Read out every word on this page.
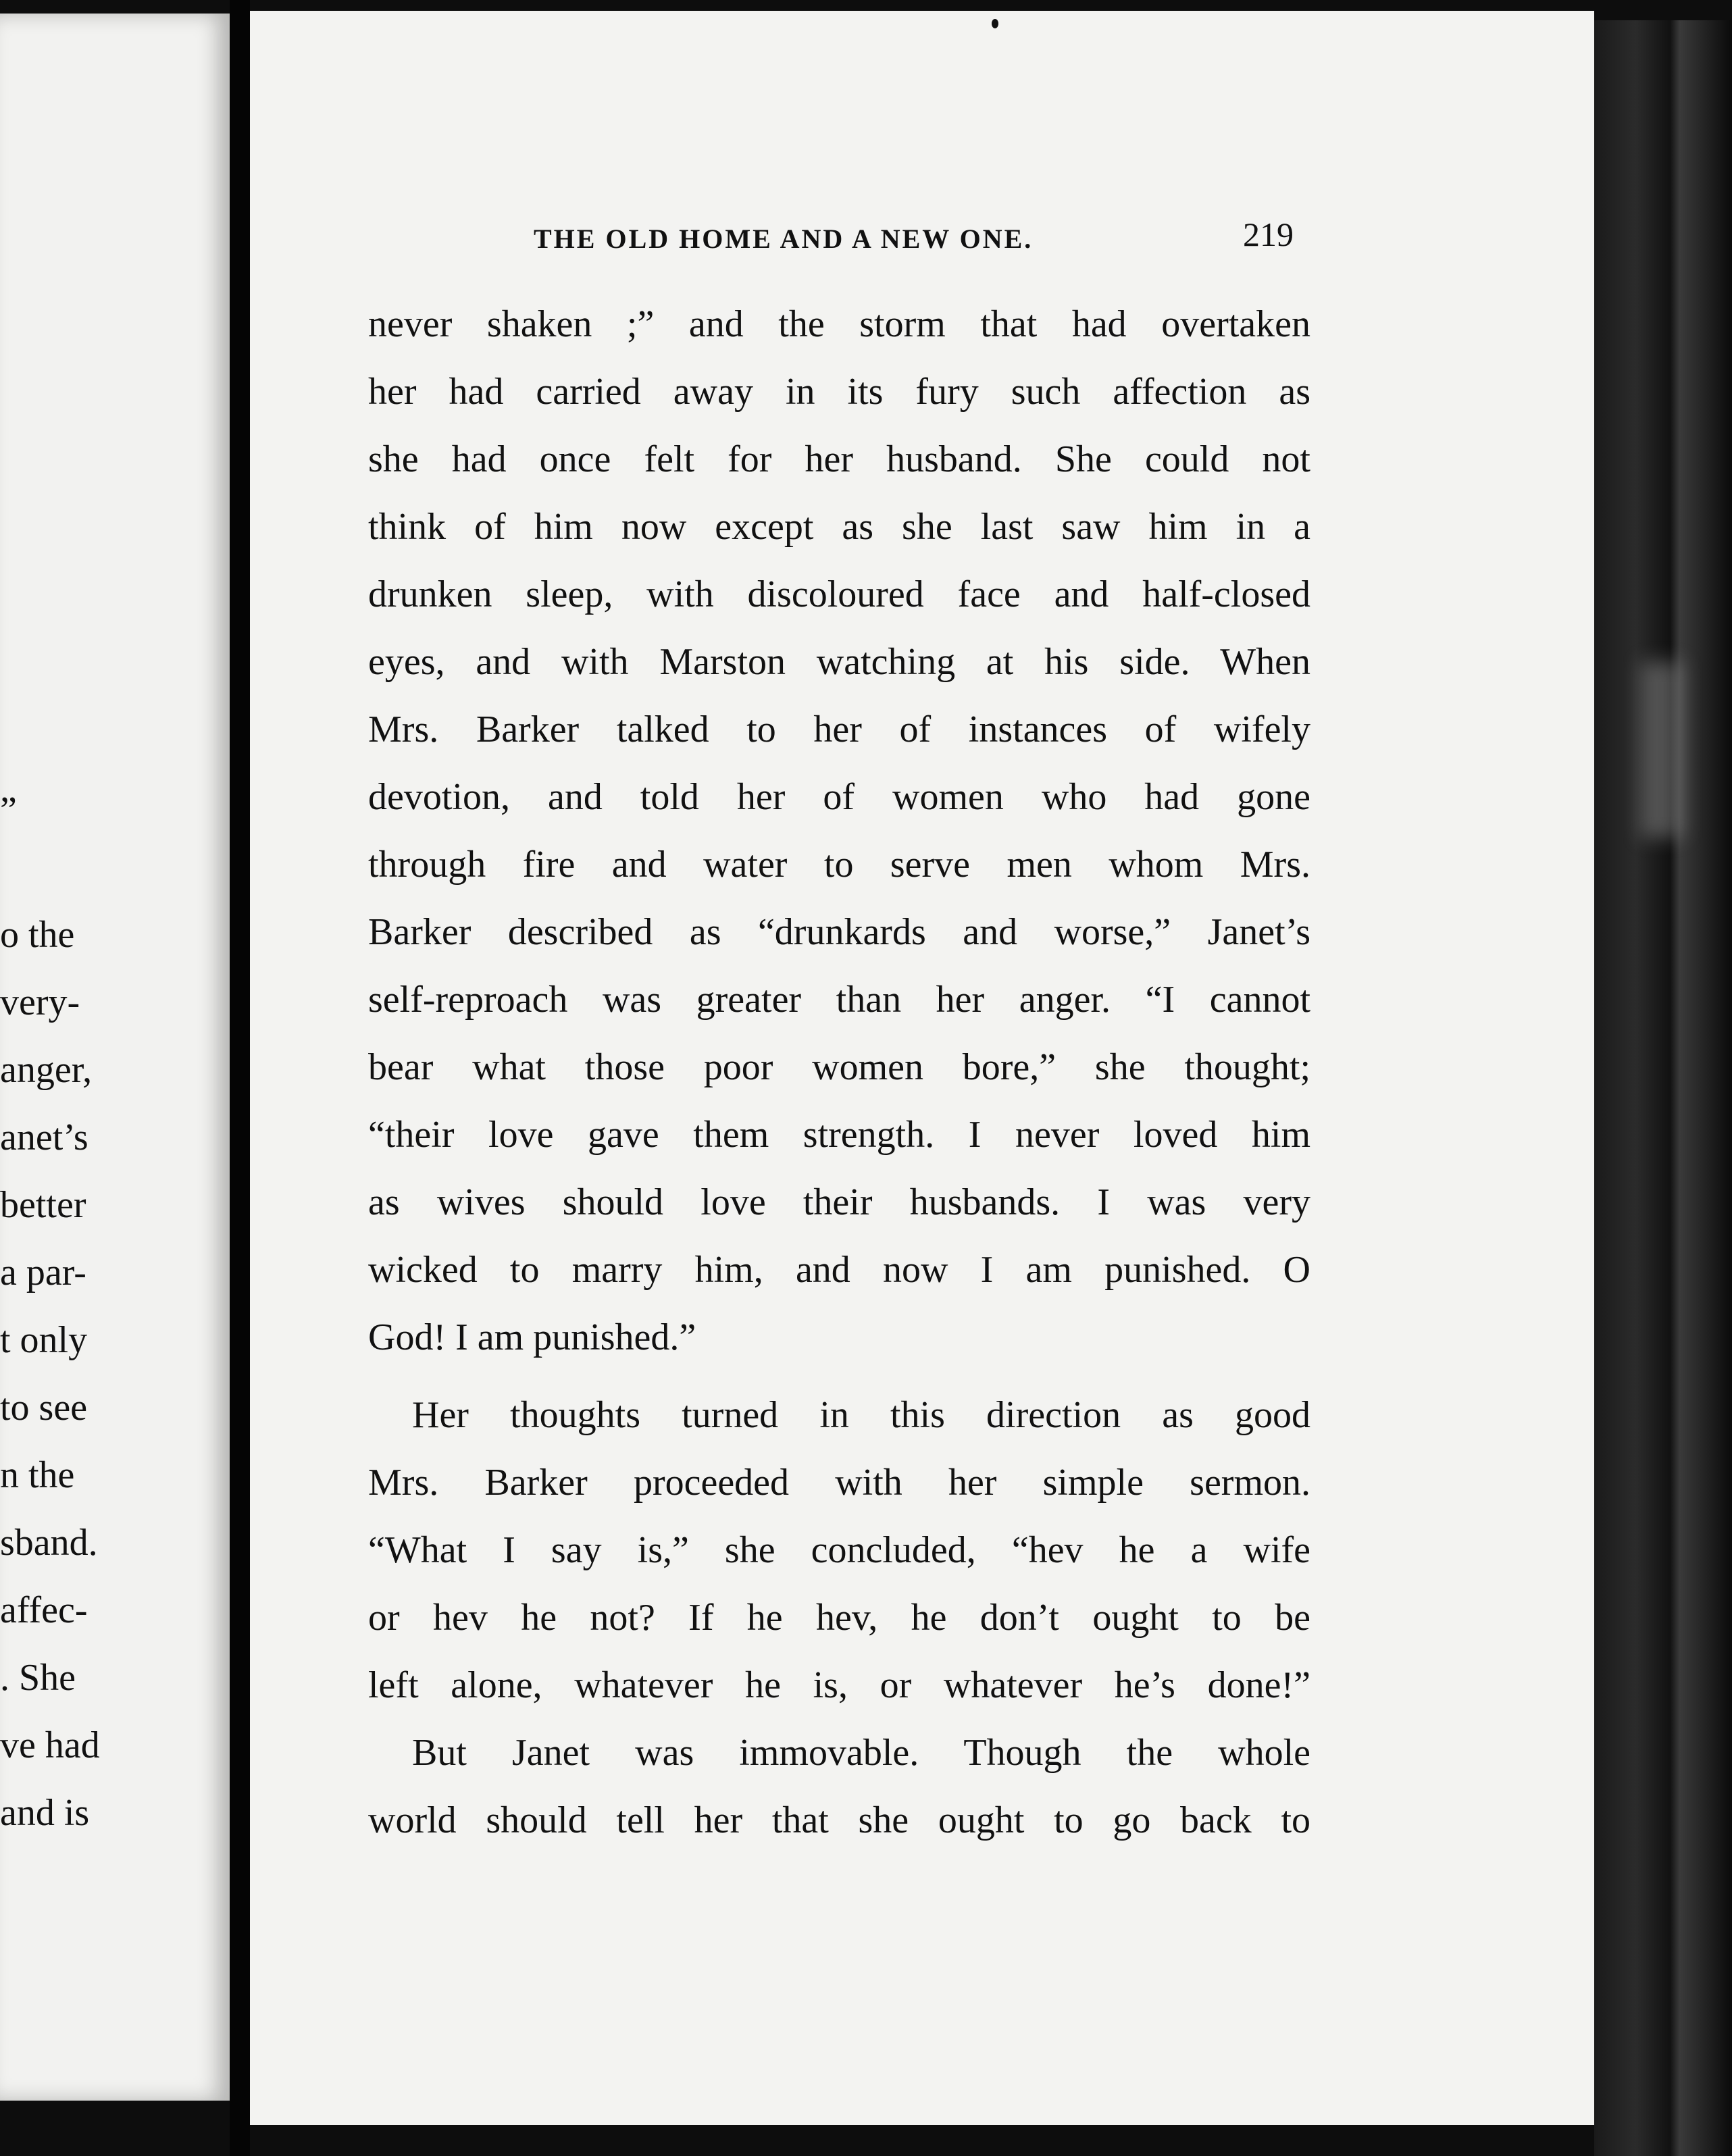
”
o the
very-
anger,
anet’s
better
a par-
t only
to see
n the
sband.
affec-
. She
ve had
and is
THE OLD HOME AND A NEW ONE.	219
never shaken ;” and the storm that had overtaken
her had carried away in its fury such affection as
she had once felt for her husband. She could not
think of him now except as she last saw him in a
drunken sleep, with discoloured face and half-closed
eyes, and with Marston watching at his side. When
Mrs. Barker talked to her of instances of wifely
devotion, and told her of women who had gone
through fire and water to serve men whom Mrs.
Barker described as “drunkards and worse,” Janet’s
self-reproach was greater than her anger. “I cannot
bear what those poor women bore,” she thought;
“their love gave them strength. I never loved him
as wives should love their husbands. I was very
wicked to marry him, and now I am punished. O
God! I am punished.”
Her thoughts turned in this direction as good
Mrs. Barker proceeded with her simple sermon.
“What I say is,” she concluded, “hev he a wife
or hev he not? If he hev, he don’t ought to be
left alone, whatever he is, or whatever he’s done!”
But Janet was immovable. Though the whole
world should tell her that she ought to go back to
